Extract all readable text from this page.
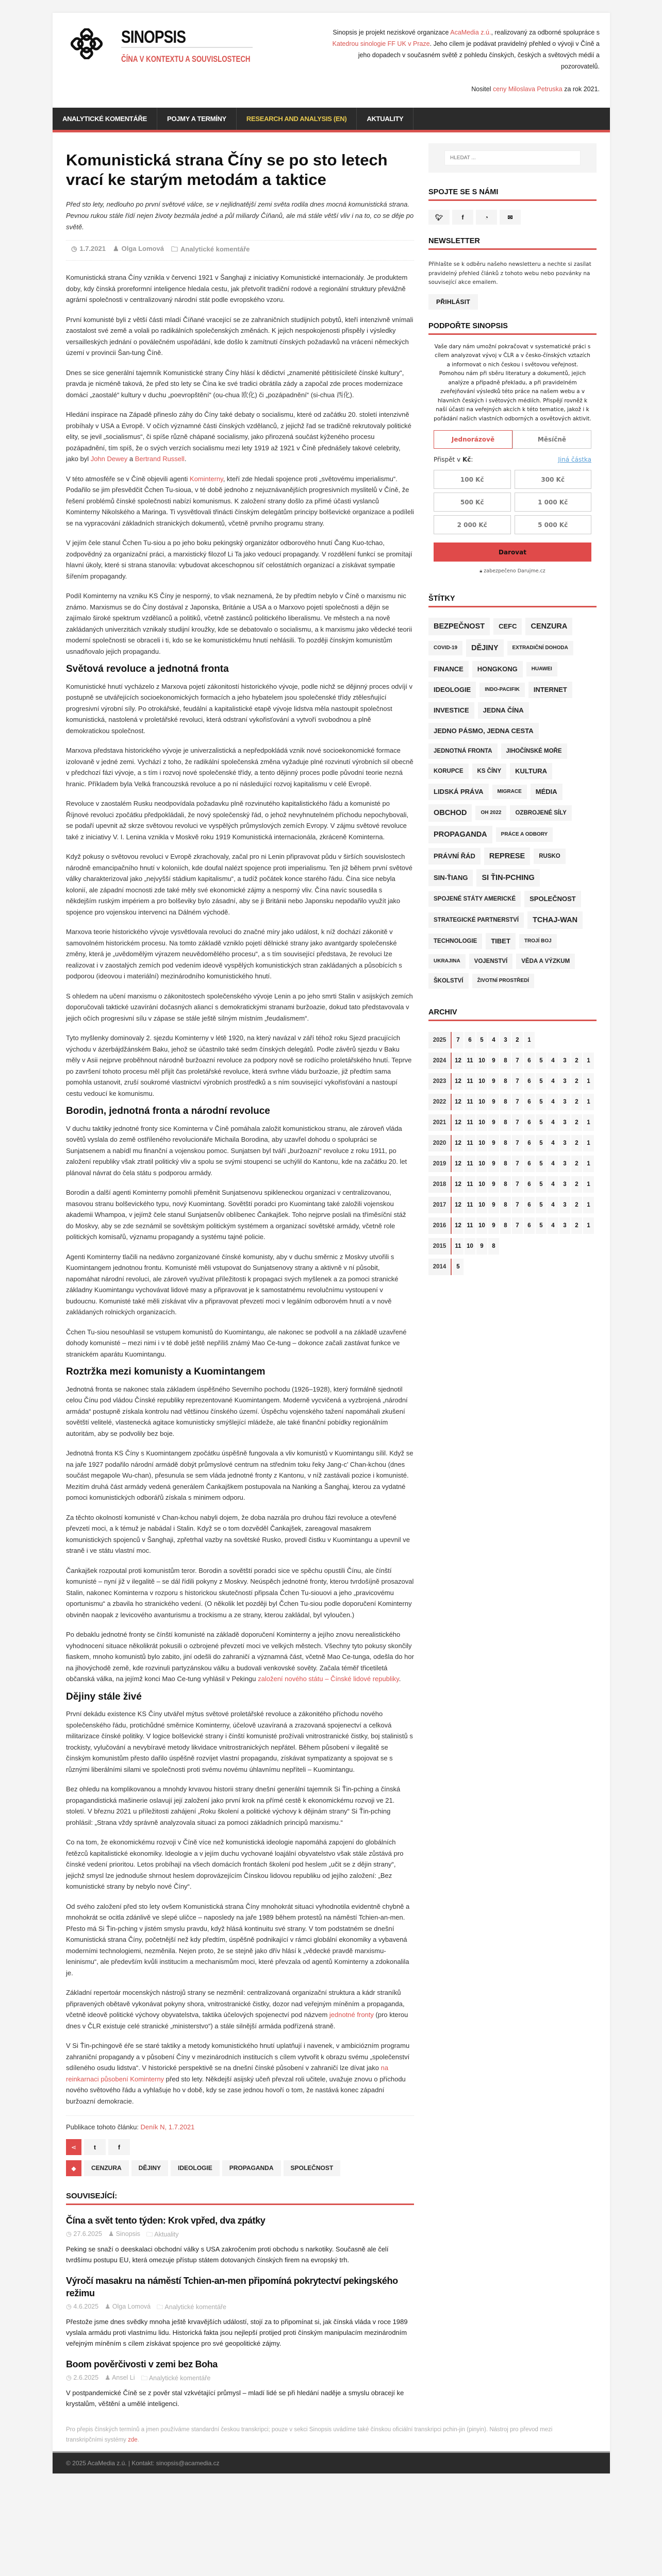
SINOPSIS
ČÍNA V KONTEXTU A SOUVISLOSTECH

Sinopsis je projekt neziskové organizace AcaMedia z.ú., realizovaný za odborné spolupráce s Katedrou sinologie FF UK v Praze. Jeho cílem je podávat pravidelný přehled o vývoji v Číně a jeho dopadech v současném světě z pohledu čínských, českých a světových médií a pozorovatelů.

Nositel ceny Miloslava Petruska za rok 2021.

ANALYTICKÉ KOMENTÁŘE	POJMY A TERMÍNY	RESEARCH AND ANALYSIS (EN)	AKTUALITY
Komunistická strana Číny se po sto letech vrací ke starým metodám a taktice

Před sto lety, nedlouho po první světové válce, se v nejlidnatější zemi světa rodila dnes mocná komunistická strana. Pevnou rukou stále řídí nejen životy bezmála jedné a půl miliardy Číňanů, ale má stále větší vliv i na to, co se děje po světě.

◷ 1.7.2021 ♟ Olga Lomová 🗀 Analytické komentáře

Komunistická strana Číny vznikla v červenci 1921 v Šanghaji z iniciativy Komunistické internacionály. Je produktem doby, kdy čínská proreformní inteligence hledala cestu, jak přetvořit tradiční rodové a regionální struktury převážně agrární společnosti v centralizovaný národní stát podle evropského vzoru.

První komunisté byli z větší části mladí Číňané vracející se ze zahraničních studijních pobytů, kteří intenzivně vnímali zaostalost své země a volali po radikálních společenských změnách. K jejich nespokojenosti přispěly i výsledky versailleských jednání o poválečném uspořádání, kde došlo k zamítnutí čínských požadavků na vrácení německých území v provincii Šan-tung Číně.

Dnes se sice generální tajemník Komunistické strany Číny hlásí k dědictví „znamenité pětitisícileté čínské kultury“, pravda je nicméně taková, že před sto lety se Čína ke své tradici obrátila zády a započal zde proces modernizace domácí „zaostalé“ kultury v duchu „poevropštění“ (ou-chua 欧化) či „pozápadnění“ (si-chua 西化).

Hledání inspirace na Západě přineslo záhy do Číny také debaty o socialismu, které od začátku 20. století intenzivně probíhaly v USA a Evropě. V očích významné části čínských vzdělanců, z jejichž řad se tradičně rekrutovaly politické elity, se jevil „socialismus“, či spíše různě chápané socialismy, jako přirozená součást kýženého procesu pozápadnění, tím spíš, že o svých verzích socialismu mezi lety 1919 až 1921 v Číně přednášely takové celebrity, jako byl John Dewey a Bertrand Russell.

V této atmosféře se v Číně objevili agenti Kominterny, kteří zde hledali spojence proti „světovému imperialismu“. Podařilo se jim přesvědčit Čchen Tu-sioua, v té době jednoho z nejuznávanějších progresivních myslitelů v Číně, že řešení problémů čínské společnosti nabízí komunismus. K založení strany došlo za přímé účasti vyslanců Kominterny Nikolského a Maringa. Ti vysvětlovali třinácti čínským delegátům principy bolševické organizace a podíleli se na vypracování základních stranických dokumentů, včetně prvního programu strany.

V jejím čele stanul Čchen Tu-siou a po jeho boku pekingský organizátor odborového hnutí Čang Kuo-tchao, zodpovědný za organizační práci, a marxistický filozof Li Ta jako vedoucí propagandy. V rozdělení funkcí se promítají hlavní úkoly, které si strana stanovila: vybudovat akceschopnou síť celostátních organizací a získávat sympatie šířením propagandy.

Podíl Kominterny na vzniku KS Číny je nesporný, to však neznamená, že by předtím nebylo v Číně o marxismu nic známo. Marxismus se do Číny dostával z Japonska, Británie a USA a o Marxovo pojetí společnosti a dějin se zajímalo široké spektrum vzdělanců a politiků, včetně zastánců politického liberalismu. Ve městech a na nově zakládaných univerzitách vznikaly studijní kroužky, kde se debatovalo o socialismu, a k marxismu jako vědecké teorii moderní společnosti se obraceli i ti, kdo se ke komunistickému hnutí nehlásili. To později čínským komunistům usnadňovalo jejich propagandu.

Světová revoluce a jednotná fronta

Komunistické hnutí vycházelo z Marxova pojetí zákonitostí historického vývoje, podle nichž se dějinný proces odvíjí v postupně se utvářejících socioekonomických formacích a jeho hybatelem jsou společenské třídy ztělesňující progresivní výrobní síly. Po otrokářské, feudální a kapitalistické etapě vývoje lidstva měla nastoupit společnost komunistická, nastolená v proletářské revoluci, která odstraní vykořisťování a vytvoří svobodnou a plně demokratickou společnost.

Marxova představa historického vývoje je univerzalistická a nepředpokládá vznik nové socioekonomické formace izolovaně v jedné zemi. Vychází z toho, že radikální společenská změna vyžaduje plné rozvinutí výrobních sil obecně v předchozí fázi vývoje, a s tím i rozvoj nové společenské třídy, a tento dějinný proces podle původní teorie nezná hranic. Příkladem byla Velká francouzská revoluce a po ní následující rozvoj kapitalismu v celé Evropě.

Revoluce v zaostalém Rusku neodpovídala požadavku plně rozvinutého kapitalistického řádu a komunisté po Říjnové revoluci zpočátku předpokládali, že nový společenský řád, o jehož nevyhnutelném příchodu nepochybovali, se podaří upevnit až skrze světovou revoluci ve vyspělých průmyslových zemích Evropy. V zájmu světové revoluce také z iniciativy V. I. Lenina vznikla v Moskvě roku 1919 Komunistická internacionála, zkráceně Kominterna.

Když pokusy o světovou revoluci v Evropě zkrachovaly, začal pro ni Lenin připravovat půdu v širších souvislostech národně emancipačního hnutí v koloniích, kde doufal nalézt spojence proti imperialismu. Ten již během první světové války charakterizoval jako „nejvyšší stádium kapitalismu“, a tudíž počátek konce starého řádu. Čína sice nebyla kolonií, ale západní mocnosti zde také měly své ekonomické zájmy a nesporný vliv. Čína navíc sousedila s někdejším ruským impériem a pro bolševiky bylo zásadní, aby se ji Británii nebo Japonsku nepodařilo využít jako spojence pro vojenskou intervenci na Dálném východě.

Marxova teorie historického vývoje vysvětlovala revoluci do značné míry jako událost, k níž dochází zákonitě v samovolném historickém procesu. Na tomto základě vzniklo pojetí dělnické strany jako avantgardy společenské změny, která je „uvědomělým výrazem neuvědomělého procesu“, a s tím související představa, že revoluci lze realizovat i v zaostalých zemích pod vedením ideově vyspělých komunistických stran zakládaných a působících s podporou (ideovou i materiální) mezinárodního komunistického hnutí.

S ohledem na učení marxismu o zákonitostech společenského vývoje Lenin a po jeho smrti Stalin v asijských zemích doporučovali taktické uzavírání dočasných aliancí s demokratickými stranami buržoazie, dokud tato představovala v jejich očích progresivní sílu v zápase se stále ještě silným místním „feudalismem“.

Tyto myšlenky dominovaly 2. sjezdu Kominterny v létě 1920, na který navázal v září téhož roku Sjezd pracujících východu v ázerbájdžánském Baku, jehož se účastnilo také sedm čínských delegátů. Podle závěrů sjezdu v Baku měly v Asii nejprve proběhnout národně buržoazní revoluce za podpory nově se rodícího proletářského hnutí. Teprve po završení tohoto procesu měl přijít čas proletářské revoluce, která svrhne vládu buržoazie, již předtím sama pomohla ustanovit, zruší soukromé vlastnictví výrobních prostředků a s ním související vykořisťování a nastoupí cestu vedoucí ke komunismu.

Borodin, jednotná fronta a národní revoluce

V duchu taktiky jednotné fronty sice Kominterna v Číně pomáhala založit komunistickou stranu, ale zároveň vláda sovětů vyslala do země ostříleného revolucionáře Michaila Borodina, aby uzavřel dohodu o spolupráci se Sunjatsenem a nabídl mu finanční a vojenskou pomoc. Sunjatsen byl tváří „buržoazní“ revoluce z roku 1911, po založení republiky však ztratil politický vliv a spolu se svými stoupenci se uchýlil do Kantonu, kde na začátku 20. let plánoval návrat do čela státu s podporou armády.

Borodin a další agenti Kominterny pomohli přeměnit Sunjatsenovu spikleneckou organizaci v centralizovanou, masovou stranu bolševického typu, nový Kuomintang. Sovětští poradci pro Kuomintang také založili vojenskou akademii Whampoa, v jejímž čele stanul Sunjatsenův oblíbenec Čankajšek. Toho nejprve poslali na tříměsíční stáž do Moskvy, aby se zde seznámil se sovětským politickým systémem a organizací sovětské armády, včetně role politických komisařů, významu propagandy a systému tajné policie.

Agenti Kominterny tlačili na nedávno zorganizované čínské komunisty, aby v duchu směrnic z Moskvy utvořili s Kuomintangem jednotnou frontu. Komunisté měli vstupovat do Sunjatsenovy strany a aktivně v ní působit, napomáhat národní revoluci, ale zároveň využívat příležitosti k propagaci svých myšlenek a za pomoci stranické základny Kuomintangu vychovávat lidové masy a připravovat je k samostatnému revolučnímu vystoupení v budoucnu. Komunisté také měli získávat vliv a připravovat převzetí moci v legálním odborovém hnutí a v nově zakládaných rolnických organizacích.

Čchen Tu-siou nesouhlasil se vstupem komunistů do Kuomintangu, ale nakonec se podvolil a na základě uzavřené dohody komunisté – mezi nimi i v té době ještě nepříliš známý Mao Ce-tung – dokonce začali zastávat funkce ve stranickém aparátu Kuomintangu.

Roztržka mezi komunisty a Kuomintangem

Jednotná fronta se nakonec stala základem úspěšného Severního pochodu (1926–1928), který formálně sjednotil celou Čínu pod vládou Čínské republiky reprezentované Kuomintangem. Moderně vycvičená a vyzbrojená „národní armáda“ postupně získala kontrolu nad většinou čínského území. Úspěchu vojenského tažení napomáhali zkušení sovětští velitelé, vlastenecká agitace komunisticky smýšlející mládeže, ale také finanční pobídky regionálním autoritám, aby se podvolily bez boje.

Jednotná fronta KS Číny s Kuomintangem zpočátku úspěšně fungovala a vliv komunistů v Kuomintangu sílil. Když se na jaře 1927 podařilo národní armádě dobýt průmyslové centrum na středním toku řeky Jang-c’ Chan-kchou (dnes součást megapole Wu-chan), přesunula se sem vláda jednotné fronty z Kantonu, v níž zastávali pozice i komunisté. Mezitím druhá část armády vedená generálem Čankajškem postupovala na Nanking a Šanghaj, kterou za vydatné pomoci komunistických odborářů získala s minimem odporu.

Za těchto okolností komunisté v Chan-kchou nabyli dojem, že doba nazrála pro druhou fázi revoluce a otevřené převzetí moci, a k témuž je nabádal i Stalin. Když se o tom dozvěděl Čankajšek, zareagoval masakrem komunistických spojenců v Šanghaji, zpřetrhal vazby na sovětské Rusko, provedl čistku v Kuomintangu a upevnil ve straně i ve státu vlastní moc.

Čankajšek rozpoutal proti komunistům teror. Borodin a sovětští poradci sice ve spěchu opustili Čínu, ale čínští komunisté – nyní již v ilegalitě – se dál řídili pokyny z Moskvy. Neúspěch jednotné fronty, kterou tvrdošíjně prosazoval Stalin, nakonec Kominterna v rozporu s historickou skutečností připsala Čchen Tu-siouovi a jeho „pravicovému oportunismu“ a zbavila ho stranického vedení. (O několik let později byl Čchen Tu-siou podle doporučení Kominterny obviněn naopak z levicového avanturismu a trockismu a ze strany, kterou zakládal, byl vyloučen.)

Po debaklu jednotné fronty se čínští komunisté na základě doporučení Kominterny a jejího znovu nerealistického vyhodnocení situace několikrát pokusili o ozbrojené převzetí moci ve velkých městech. Všechny tyto pokusy skončily fiaskem, mnoho komunistů bylo zabito, jiní odešli do zahraničí a významná část, včetně Mao Ce-tunga, odešla do hor na jihovýchodě země, kde rozvinuli partyzánskou válku a budovali venkovské sověty. Začala téměř třicetiletá občanská válka, na jejímž konci Mao Ce-tung vyhlásil v Pekingu založení nového státu – Čínské lidové republiky.

Dějiny stále živé

První dekádu existence KS Číny utvářel mýtus světové proletářské revoluce a zákonitého příchodu nového společenského řádu, protichůdné směrnice Kominterny, účelově uzavíraná a zrazovaná spojenectví a celková militarizace čínské politiky. V logice bolševické strany i čínští komunisté prožívali vnitrostranické čistky, boj stalinistů s trockisty, vylučování a nevybíravé metody likvidace vnitrostranických nepřátel. Během působení v ilegalitě se čínským komunistům přesto dařilo úspěšně rozvíjet vlastní propagandu, získávat sympatizanty a spojovat se s různými liberálními silami ve společnosti proti svému novému úhlavnímu nepříteli – Kuomintangu.

Bez ohledu na komplikovanou a mnohdy krvavou historii strany dnešní generální tajemník Si Ťin-pching a čínská propagandistická mašinerie oslavují její založení jako první krok na přímé cestě k ekonomickému rozvoji ve 21. století. V březnu 2021 u příležitosti zahájení „Roku školení a politické výchovy k dějinám strany“ Si Ťin-pching prohlásil: „Strana vždy správně analyzovala situaci za pomoci základních principů marxismu.“

Co na tom, že ekonomickému rozvoji v Číně více než komunistická ideologie napomáhá zapojení do globálních řetězců kapitalistické ekonomiky. Ideologie a v jejím duchu vychované loajální obyvatelstvo však stále zůstává pro čínské vedení prioritou. Letos probíhají na všech domácích frontách školení pod heslem „učit se z dějin strany“, jejichž smysl lze jednoduše shrnout heslem doprovázejícím Čínskou lidovou republiku od jejího založení: „Bez komunistické strany by nebylo nové Číny“.

Od svého založení před sto lety ovšem Komunistická strana Číny mnohokrát situaci vyhodnotila evidentně chybně a mnohokrát se ocitla zdánlivě ve slepé uličce – naposledy na jaře 1989 během protestů na náměstí Tchien-an-men. Přesto má Si Ťin-pching v jistém smyslu pravdu, když hlásá kontinuitu své strany. V tom podstatném se dnešní Komunistická strana Číny, početnější než kdy předtím, úspěšně podnikající v rámci globální ekonomiky a vybavená moderními technologiemi, nezměnila. Nejen proto, že se stejně jako dřív hlásí k „vědecké pravdě marxismu-leninismu“, ale především kvůli institucím a mechanismům moci, které převzala od agentů Kominterny a zdokonalila je.

Základní repertoár mocenských nástrojů strany se nezměnil: centralizovaná organizační struktura a kádr straníků připravených obětavě vykonávat pokyny shora, vnitrostranické čistky, dozor nad veřejným míněním a propaganda, včetně ideově politické výchovy obyvatelstva, taktika účelových spojenectví pod názvem jednotné fronty (pro kterou dnes v ČLR existuje celé stranické „ministerstvo“) a stále silnější armáda podřízená straně.

V Si Ťin-pchingově éře se staré taktiky a metody komunistického hnutí uplatňují i navenek, v ambiciózním programu zahraniční propagandy a v působení Číny v mezinárodních institucích s cílem vytvořit k obrazu svému „společenství sdíleného osudu lidstva“. V historické perspektivě se na dnešní čínské působení v zahraničí lze dívat jako na reinkarnaci působení Kominterny před sto lety. Někdejší asijský učeň převzal roli učitele, uvažuje znovu o příchodu nového světového řádu a vyhlašuje ho v době, kdy se zase jednou hovoří o tom, že nastává konec západní buržoazní demokracie.

Publikace tohoto článku: Deník N, 1.7.2021
⋖	t	f
◆	CENZURA	DĚJINY	IDEOLOGIE	PROPAGANDA	SPOLEČNOST
SOUVISEJÍCÍ:
Čína a svět tento týden: Krok vpřed, dva zpátky
◷ 27.6.2025 ♟ Sinopsis 🗀 Aktuality

Peking se snaží o deeskalaci obchodní války s USA zakročením proti obchodu s narkotiky. Současně ale čelí tvrdšímu postupu EU, která omezuje přístup státem dotovaných čínských firem na evropský trh.

Výročí masakru na náměstí Tchien-an-men připomíná pokrytectví pekingského režimu
◷ 4.6.2025 ♟ Olga Lomová 🗀 Analytické komentáře

Přestože jsme dnes svědky mnoha ještě krvavějších událostí, stojí za to připomínat si, jak čínská vláda v roce 1989 vyslala armádu proti vlastnímu lidu. Historická fakta jsou nejlepší protijed proti čínským manipulacím mezinárodním veřejným míněním s cílem získávat spojence pro své geopolitické zájmy.

Boom pověrčivosti v zemi bez Boha
◷ 2.6.2025 ♟ Ansel Li 🗀 Analytické komentáře

V postpandemické Číně se z pověr stal vzkvétající průmysl – mladí lidé se při hledání naděje a smyslu obracejí ke krystalům, věštění a umělé inteligenci.

HLEDAT ...
SPOJTE SE S NÁMI
🐦︎	f	◔	✉
NEWSLETTER

Přihlašte se k odběru našeho newsletteru a nechte si zasílat pravidelný přehled článků z tohoto webu nebo pozvánky na související akce emailem.

PŘIHLÁSIT
PODPOŘTE SINOPSIS

Vaše dary nám umožní pokračovat v systematické práci s cílem analyzovat vývoj v ČLR a v česko-čínských vztazích a informovat o nich českou i světovou veřejnost. Pomohou nám při sběru literatury a dokumentů, jejich analýze a případně překladu, a při pravidelném zveřejňování výsledků této práce na našem webu a v hlavních českých i světových médiích. Přispějí rovněž k naší účasti na veřejných akcích k této tematice, jakož i k pořádání našich vlastních odborných a osvětových aktivit.

Jednorázově	Měsíčně
Přispět v Kč:	Jiná částka
100 Kč	300 Kč
500 Kč	1 000 Kč
2 000 Kč	5 000 Kč
Darovat
🔒︎ zabezpečeno Darujme.cz
ŠTÍTKY
BEZPEČNOST	CEFC	CENZURA
COVID-19	DĚJINY	EXTRADIČNÍ DOHODA
FINANCE	HONGKONG	HUAWEI
IDEOLOGIE	INDO-PACIFIK	INTERNET
INVESTICE	JEDNA ČÍNA
JEDNO PÁSMO, JEDNA CESTA
JEDNOTNÁ FRONTA	JIHOČÍNSKÉ MOŘE
KORUPCE	KS ČÍNY	KULTURA
LIDSKÁ PRÁVA	MIGRACE	MÉDIA
OBCHOD	OH 2022	OZBROJENÉ SÍLY
PROPAGANDA	PRÁCE A ODBORY
PRÁVNÍ ŘÁD	REPRESE	RUSKO
SIN-ŤIANG	SI ŤIN-PCHING
SPOJENÉ STÁTY AMERICKÉ	SPOLEČNOST
STRATEGICKÉ PARTNERSTVÍ	TCHAJ-WAN
TECHNOLOGIE	TIBET	TROJÍ BOJ
UKRAJINA	VOJENSTVÍ	VĚDA A VÝZKUM
ŠKOLSTVÍ	ŽIVOTNÍ PROSTŘEDÍ
ARCHIV
2025	7	6	5	4	3	2	1
2024	12 11 10	9	8	7	6	5	4	3	2	1
2023	12 11 10	9	8	7	6	5	4	3	2	1
2022	12 11 10	9	8	7	6	5	4	3	2	1
2021	12 11 10	9	8	7	6	5	4	3	2	1
2020	12 11 10	9	8	7	6	5	4	3	2	1
2019	12 11 10	9	8	7	6	5	4	3	2	1
2018	12 11 10	9	8	7	6	5	4	3	2	1
2017	12 11 10	9	8	7	6	5	4	3	2	1
2016	12 11 10	9	8	7	6	5	4	3	2	1
2015	11 10	9	8
2014	5
Pro přepis čínských termínů a jmen používáme standardní českou transkripci; pouze v sekci Sinopsis uvádíme také čínskou oficiální transkripci pchin-jin (pinyin). Nástroj pro převod mezi transkripčními systémy zde.
© 2025 AcaMedia z.ú. | Kontakt: sinopsis@acamedia.cz
